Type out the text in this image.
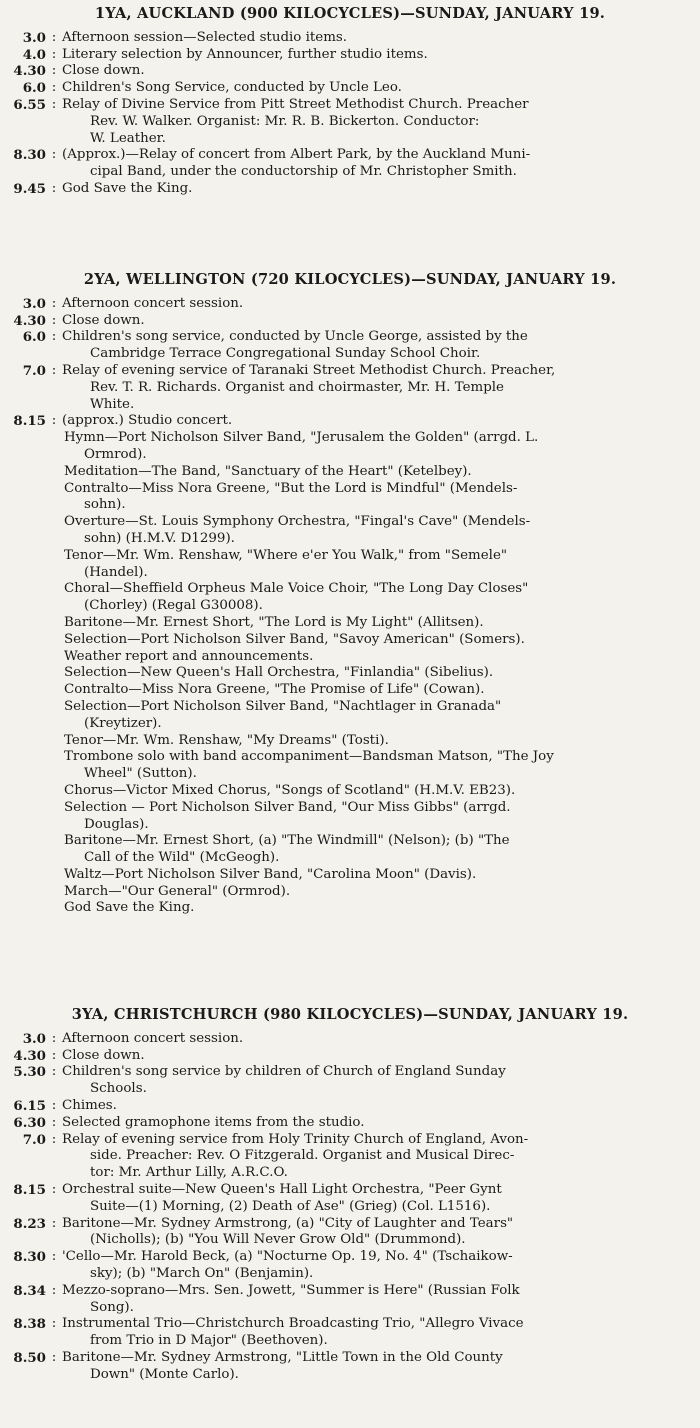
1YA, AUCKLAND (900 KILOCYCLES)—SUNDAY, JANUARY 19.
3.0 : Afternoon session—Selected studio items.
4.0 : Literary selection by Announcer, further studio items.
4.30 : Close down.
6.0 : Children's Song Service, conducted by Uncle Leo.
6.55 : Relay of Divine Service from Pitt Street Methodist Church. Preacher
Rev. W. Walker. Organist: Mr. R. B. Bickerton. Conductor:
W. Leather.
8.30 : (Approx.)—Relay of concert from Albert Park, by the Auckland Muni-
cipal Band, under the conductorship of Mr. Christopher Smith.
9.45 : God Save the King.
2YA, WELLINGTON (720 KILOCYCLES)—SUNDAY, JANUARY 19.
3.0 : Afternoon concert session.
4.30 : Close down.
6.0 : Children's song service, conducted by Uncle George, assisted by the
Cambridge Terrace Congregational Sunday School Choir.
7.0 : Relay of evening service of Taranaki Street Methodist Church. Preacher,
Rev. T. R. Richards. Organist and choirmaster, Mr. H. Temple
White.
8.15 : (approx.) Studio concert.
Hymn—Port Nicholson Silver Band, "Jerusalem the Golden" (arrgd. L.
Ormrod).
Meditation—The Band, "Sanctuary of the Heart" (Ketelbey).
Contralto—Miss Nora Greene, "But the Lord is Mindful" (Mendels-
sohn).
Overture—St. Louis Symphony Orchestra, "Fingal's Cave" (Mendels-
sohn) (H.M.V. D1299).
Tenor—Mr. Wm. Renshaw, "Where e'er You Walk," from "Semele"
(Handel).
Choral—Sheffield Orpheus Male Voice Choir, "The Long Day Closes"
(Chorley) (Regal G30008).
Baritone—Mr. Ernest Short, "The Lord is My Light" (Allitsen).
Selection—Port Nicholson Silver Band, "Savoy American" (Somers).
Weather report and announcements.
Selection—New Queen's Hall Orchestra, "Finlandia" (Sibelius).
Contralto—Miss Nora Greene, "The Promise of Life" (Cowan).
Selection—Port Nicholson Silver Band, "Nachtlager in Granada"
(Kreytizer).
Tenor—Mr. Wm. Renshaw, "My Dreams" (Tosti).
Trombone solo with band accompaniment—Bandsman Matson, "The Joy
Wheel" (Sutton).
Chorus—Victor Mixed Chorus, "Songs of Scotland" (H.M.V. EB23).
Selection — Port Nicholson Silver Band, "Our Miss Gibbs" (arrgd.
Douglas).
Baritone—Mr. Ernest Short, (a) "The Windmill" (Nelson); (b) "The
Call of the Wild" (McGeogh).
Waltz—Port Nicholson Silver Band, "Carolina Moon" (Davis).
March—"Our General" (Ormrod).
God Save the King.
3YA, CHRISTCHURCH (980 KILOCYCLES)—SUNDAY, JANUARY 19.
3.0 : Afternoon concert session.
4.30 : Close down.
5.30 : Children's song service by children of Church of England Sunday
Schools.
6.15 : Chimes.
6.30 : Selected gramophone items from the studio.
7.0 : Relay of evening service from Holy Trinity Church of England, Avon-
side. Preacher: Rev. O Fitzgerald. Organist and Musical Direc-
tor: Mr. Arthur Lilly, A.R.C.O.
8.15 : Orchestral suite—New Queen's Hall Light Orchestra, "Peer Gynt
Suite—(1) Morning, (2) Death of Ase" (Grieg) (Col. L1516).
8.23 : Baritone—Mr. Sydney Armstrong, (a) "City of Laughter and Tears"
(Nicholls); (b) "You Will Never Grow Old" (Drummond).
8.30 : 'Cello—Mr. Harold Beck, (a) "Nocturne Op. 19, No. 4" (Tschaikow-
sky); (b) "March On" (Benjamin).
8.34 : Mezzo-soprano—Mrs. Sen. Jowett, "Summer is Here" (Russian Folk
Song).
8.38 : Instrumental Trio—Christchurch Broadcasting Trio, "Allegro Vivace
from Trio in D Major" (Beethoven).
8.50 : Baritone—Mr. Sydney Armstrong, "Little Town in the Old County
Down" (Monte Carlo).
